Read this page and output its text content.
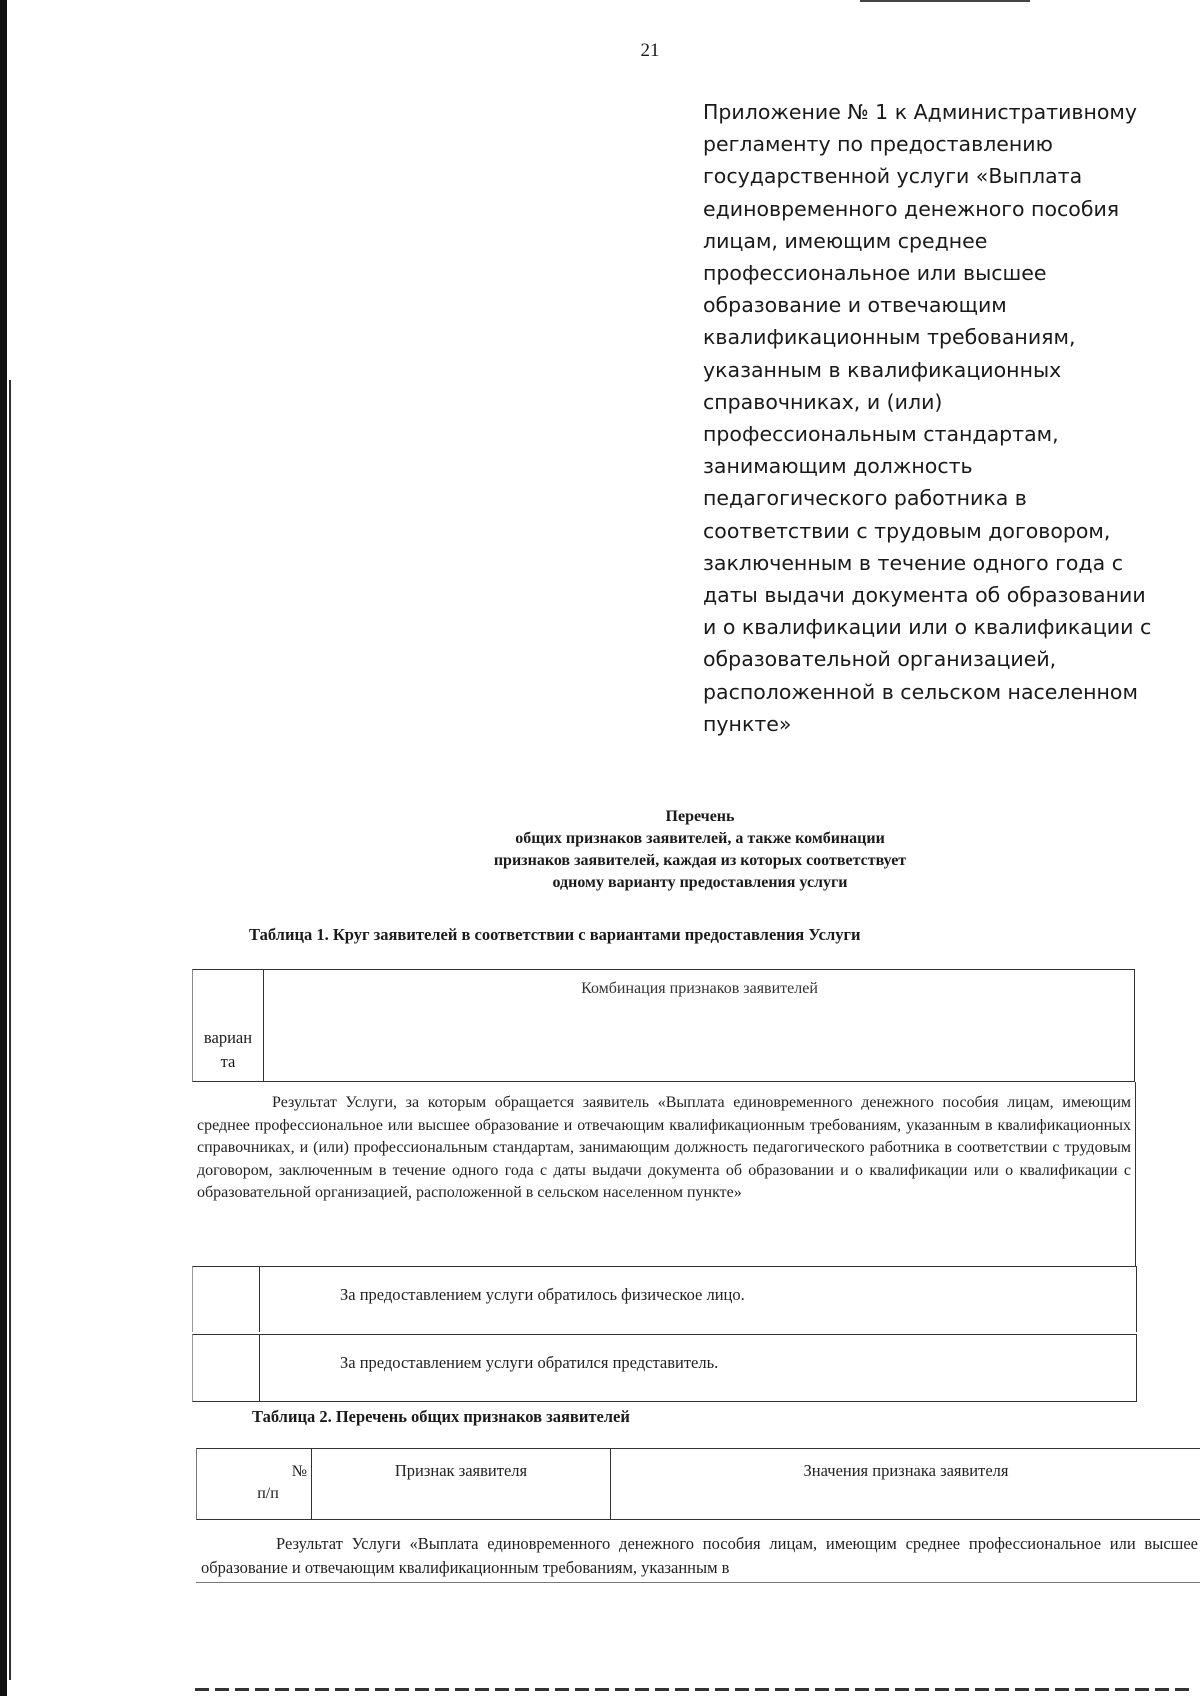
21
Приложение № 1 к Административному
регламенту по предоставлению
государственной услуги «Выплата
единовременного денежного пособия
лицам, имеющим среднее
профессиональное или высшее
образование и отвечающим
квалификационным требованиям,
указанным в квалификационных
справочниках, и (или)
профессиональным стандартам,
занимающим должность
педагогического работника в
соответствии с трудовым договором,
заключенным в течение одного года с
даты выдачи документа об образовании
и о квалификации или о квалификации с
образовательной организацией,
расположенной в сельском населенном
пункте»
Перечень
общих признаков заявителей, а также комбинации
признаков заявителей, каждая из которых соответствует
одному варианту предоставления услуги
Таблица 1. Круг заявителей в соответствии с вариантами предоставления Услуги
вариан та
Комбинация признаков заявителей

Результат Услуги, за которым обращается заявитель «Выплата единовременного денежного пособия лицам, имеющим среднее профессиональное или высшее образование и отвечающим квалификационным требованиям, указанным в квалификационных справочниках, и (или) профессиональным стандартам, занимающим должность педагогического работника в соответствии с трудовым договором, заключенным в течение одного года с даты выдачи документа об образовании и о квалификации или о квалификации с образовательной организацией, расположенной в сельском населенном пункте»

За предоставлением услуги обратилось физическое лицо.
За предоставлением услуги обратился представитель.
Таблица 2. Перечень общих признаков заявителей
№
п/п
Признак заявителя	Значения признака заявителя

Результат Услуги «Выплата единовременного денежного пособия лицам, имеющим среднее профессиональное или высшее образование и отвечающим квалификационным требованиям, указанным в
